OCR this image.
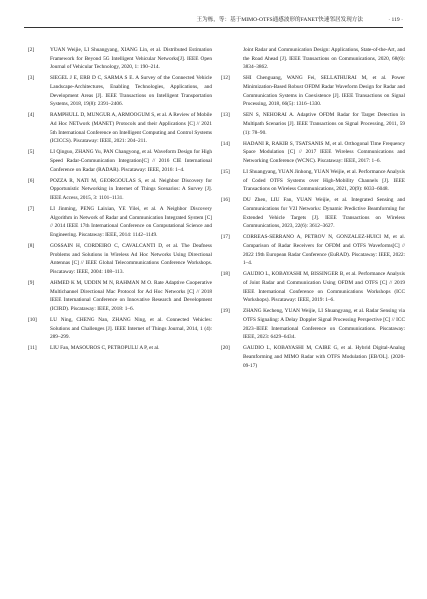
王为栋，等：基于MIMO-OTFS通感波形的FANET快速邻居发现方法	· 119 ·
[2]	YUAN Weijie, LI Shuangyang, XIANG Lin, et al. Distributed Estimation Framework for Beyond 5G Intelligent Vehicular Networks[J]. IEEE Open Journal of Vehicular Technology, 2020, 1: 190–214.
[3]	SIEGEL J E, ERB D C, SARMA S E. A Survey of the Connected Vehicle Landscape-Architectures, Enabling Technologies, Applications, and Development Areas [J]. IEEE Transactions on Intelligent Transportation Systems, 2018, 19(8): 2391–2406.
[4]	RAMPHULL D, MUNGUR A, ARMOOGUM S, et al. A Review of Mobile Ad Hoc NETwork (MANET) Protocols and their Applications [C] // 2021 5th International Conference on Intelligent Computing and Control Systems (ICICCS). Piscataway: IEEE, 2021: 204–211.
[5]	LI Qinguo, ZHANG Yu, PAN Changyong, et al. Waveform Design for High Speed Radar-Communication Integration[C] // 2016 CIE International Conference on Radar (RADAR). Piscataway: IEEE, 2016: 1–4.
[6]	POZZA R, NATI M, GEORGOULAS S, et al. Neighbor Discovery for Opportunistic Networking in Internet of Things Scenarios: A Survey [J]. IEEE Access, 2015, 3: 1101–1131.
[7]	LI Jinming, PENG Laixian, YE Yilei, et al. A Neighbor Discovery Algorithm in Network of Radar and Communication Integrated System [C] // 2014 IEEE 17th International Conference on Computational Science and Engineering. Piscataway: IEEE, 2014: 1142–1149.
[8]	GOSSAIN H, CORDEIRO C, CAVALCANTI D, et al. The Deafness Problems and Solutions in Wireless Ad Hoc Networks Using Directional Antennas [C] // IEEE Global Telecommunications Conference Workshops. Piscataway: IEEE, 2004: 108–113.
[9]	AHMED K M, UDDIN M N, RAHMAN M O. Rate Adaptive Cooperative Multichannel Directional Mac Protocol for Ad Hoc Networks [C] // 2018 IEEE International Conference on Innovative Research and Development (ICIRD). Piscataway: IEEE, 2018: 1–6.
[10]	LU Ning, CHENG Nan, ZHANG Ning, et al. Connected Vehicles: Solutions and Challenges [J]. IEEE Internet of Things Journal, 2014, 1 (4): 289–299.
[11]	LIU Fan, MASOUROS C, PETROPULU A P, et al.
Joint Radar and Communication Design: Applications, State-of-the-Art, and the Road Ahead [J]. IEEE Transactions on Communications, 2020, 68(6): 3834–3862.
[12]	SHI Chenguang, WANG Fei, SELLATHURAI M, et al. Power Minimization-Based Robust OFDM Radar Waveform Design for Radar and Communication Systems in Coexistence [J]. IEEE Transactions on Signal Processing, 2018, 66(5): 1316–1330.
[13]	SEN S, NEHORAI A. Adaptive OFDM Radar for Target Detection in Multipath Scenarios [J]. IEEE Transactions on Signal Processing, 2011, 59 (1): 78–90.
[14]	HADANI R, RAKIB S, TSATSANIS M, et al. Orthogonal Time Frequency Space Modulation [C] // 2017 IEEE Wireless Communications and Networking Conference (WCNC). Piscataway: IEEE, 2017: 1–6.
[15]	LI Shuangyang, YUAN Jinhong, YUAN Weijie, et al. Performance Analysis of Coded OTFS Systems over High-Mobility Channels [J]. IEEE Transactions on Wireless Communications, 2021, 20(9): 6033–6048.
[16]	DU Zhen, LIU Fan, YUAN Weijie, et al. Integrated Sensing and Communications for V2I Networks: Dynamic Predictive Beamforming for Extended Vehicle Targets [J]. IEEE Transactions on Wireless Communications, 2023, 22(6): 3612–3627.
[17]	CORREAS-SERRANO A, PETROV N, GONZALEZ-HUICI M, et al. Comparison of Radar Receivers for OFDM and OTFS Waveforms[C] // 2022 19th European Radar Conference (EuRAD). Piscataway: IEEE, 2022: 1–4.
[18]	GAUDIO L, KOBAYASHI M, BISSINGER B, et al. Performance Analysis of Joint Radar and Communication Using OFDM and OTFS [C] // 2019 IEEE International Conference on Communications Workshops (ICC Workshops). Piscataway: IEEE, 2019: 1–6.
[19]	ZHANG Kecheng, YUAN Weijie, LI Shuangyang, et al. Radar Sensing via OTFS Signaling: A Delay Doppler Signal Processing Perspective [C] // ICC 2023–IEEE International Conference on Communications. Piscataway: IEEE, 2023: 6429–6434.
[20]	GAUDIO L, KOBAYASHI M, CAIRE G, et al. Hybrid Digital-Analog Beamforming and MIMO Radar with OTFS Modulation [EB/OL]. (2020-09-17)
